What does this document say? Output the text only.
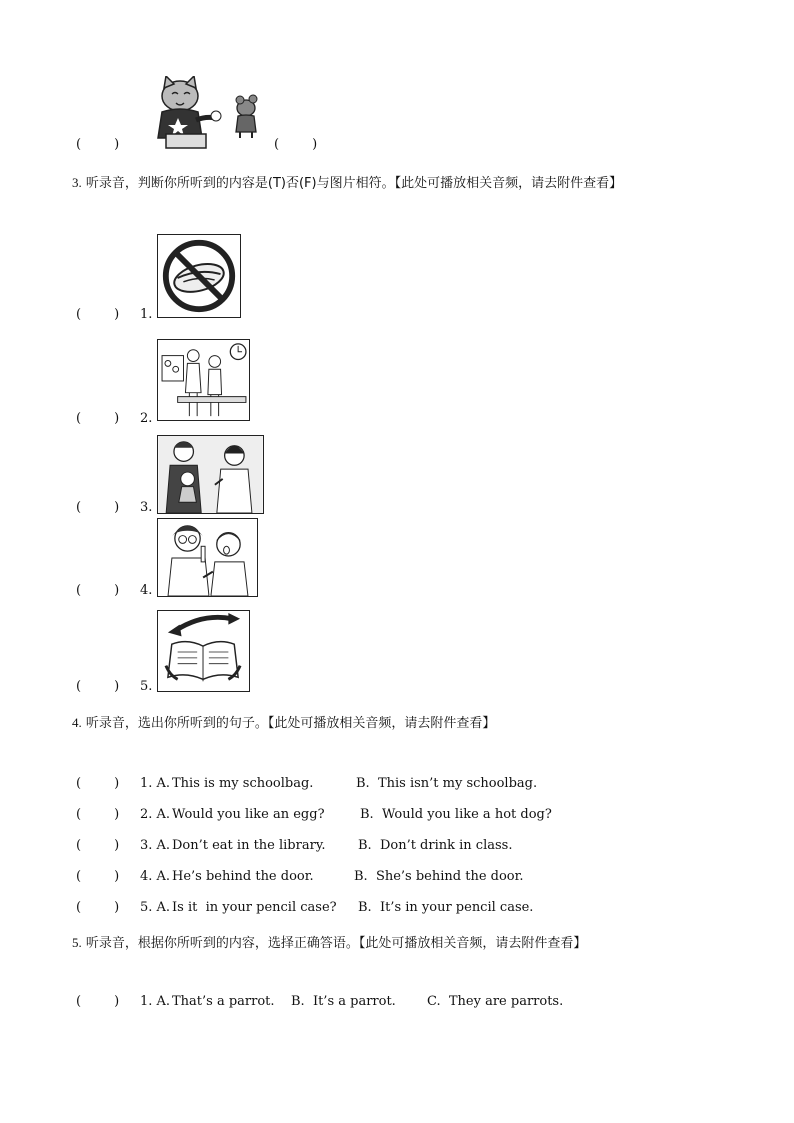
(        )	(        )
3. 听录音，判断你所听到的内容是(T)否(F)与图片相符。【此处可播放相关音频，请去附件查看】
(        ) 1.
(        ) 2.
(        ) 3.
(        ) 4.
(        ) 5.
4. 听录音，选出你所听到的句子。【此处可播放相关音频，请去附件查看】
(        ) 1. A. This is my schoolbag.	B.  This isn’t my schoolbag.
(        ) 2. A. Would you like an egg?	B.  Would you like a hot dog?
(        ) 3. A. Don’t eat in the library. B.  Don’t drink in class.
(        ) 4. A. He’s behind the door.	B.  She’s behind the door.
(        ) 5. A. Is it  in your pencil case? B.  It’s in your pencil case.
5. 听录音，根据你所听到的内容，选择正确答语。【此处可播放相关音频，请去附件查看】
(        ) 1. A. That’s a parrot. B.  It’s a parrot. C.  They are parrots.
